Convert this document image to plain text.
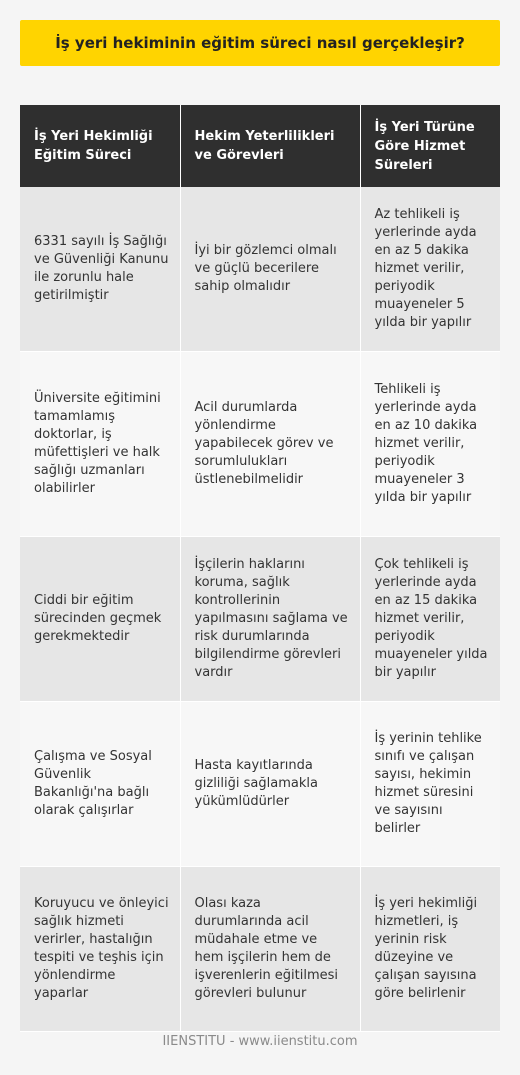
İş yeri hekiminin eğitim süreci nasıl gerçekleşir?
İş Yeri Hekimliği Eğitim Süreci	Hekim Yeterlilikleri ve Görevleri	İş Yeri Türüne Göre Hizmet Süreleri
6331 sayılı İş Sağlığı ve Güvenliği Kanunu ile zorunlu hale getirilmiştir	İyi bir gözlemci olmalı ve güçlü becerilere sahip olmalıdır	Az tehlikeli iş yerlerinde ayda en az 5 dakika hizmet verilir, periyodik muayeneler 5 yılda bir yapılır
Üniversite eğitimini tamamlamış doktorlar, iş müfettişleri ve halk sağlığı uzmanları olabilirler	Acil durumlarda yönlendirme yapabilecek görev ve sorumlulukları üstlenebilmelidir	Tehlikeli iş yerlerinde ayda en az 10 dakika hizmet verilir, periyodik muayeneler 3 yılda bir yapılır
Ciddi bir eğitim sürecinden geçmek gerekmektedir	İşçilerin haklarını koruma, sağlık kontrollerinin yapılmasını sağlama ve risk durumlarında bilgilendirme görevleri vardır	Çok tehlikeli iş yerlerinde ayda en az 15 dakika hizmet verilir, periyodik muayeneler yılda bir yapılır
Çalışma ve Sosyal Güvenlik Bakanlığı'na bağlı olarak çalışırlar	Hasta kayıtlarında gizliliği sağlamakla yükümlüdürler	İş yerinin tehlike sınıfı ve çalışan sayısı, hekimin hizmet süresini ve sayısını belirler
Koruyucu ve önleyici sağlık hizmeti verirler, hastalığın tespiti ve teşhis için yönlendirme yaparlar	Olası kaza durumlarında acil müdahale etme ve hem işçilerin hem de işverenlerin eğitilmesi görevleri bulunur	İş yeri hekimliği hizmetleri, iş yerinin risk düzeyine ve çalışan sayısına göre belirlenir
IIENSTITU - www.iienstitu.com
